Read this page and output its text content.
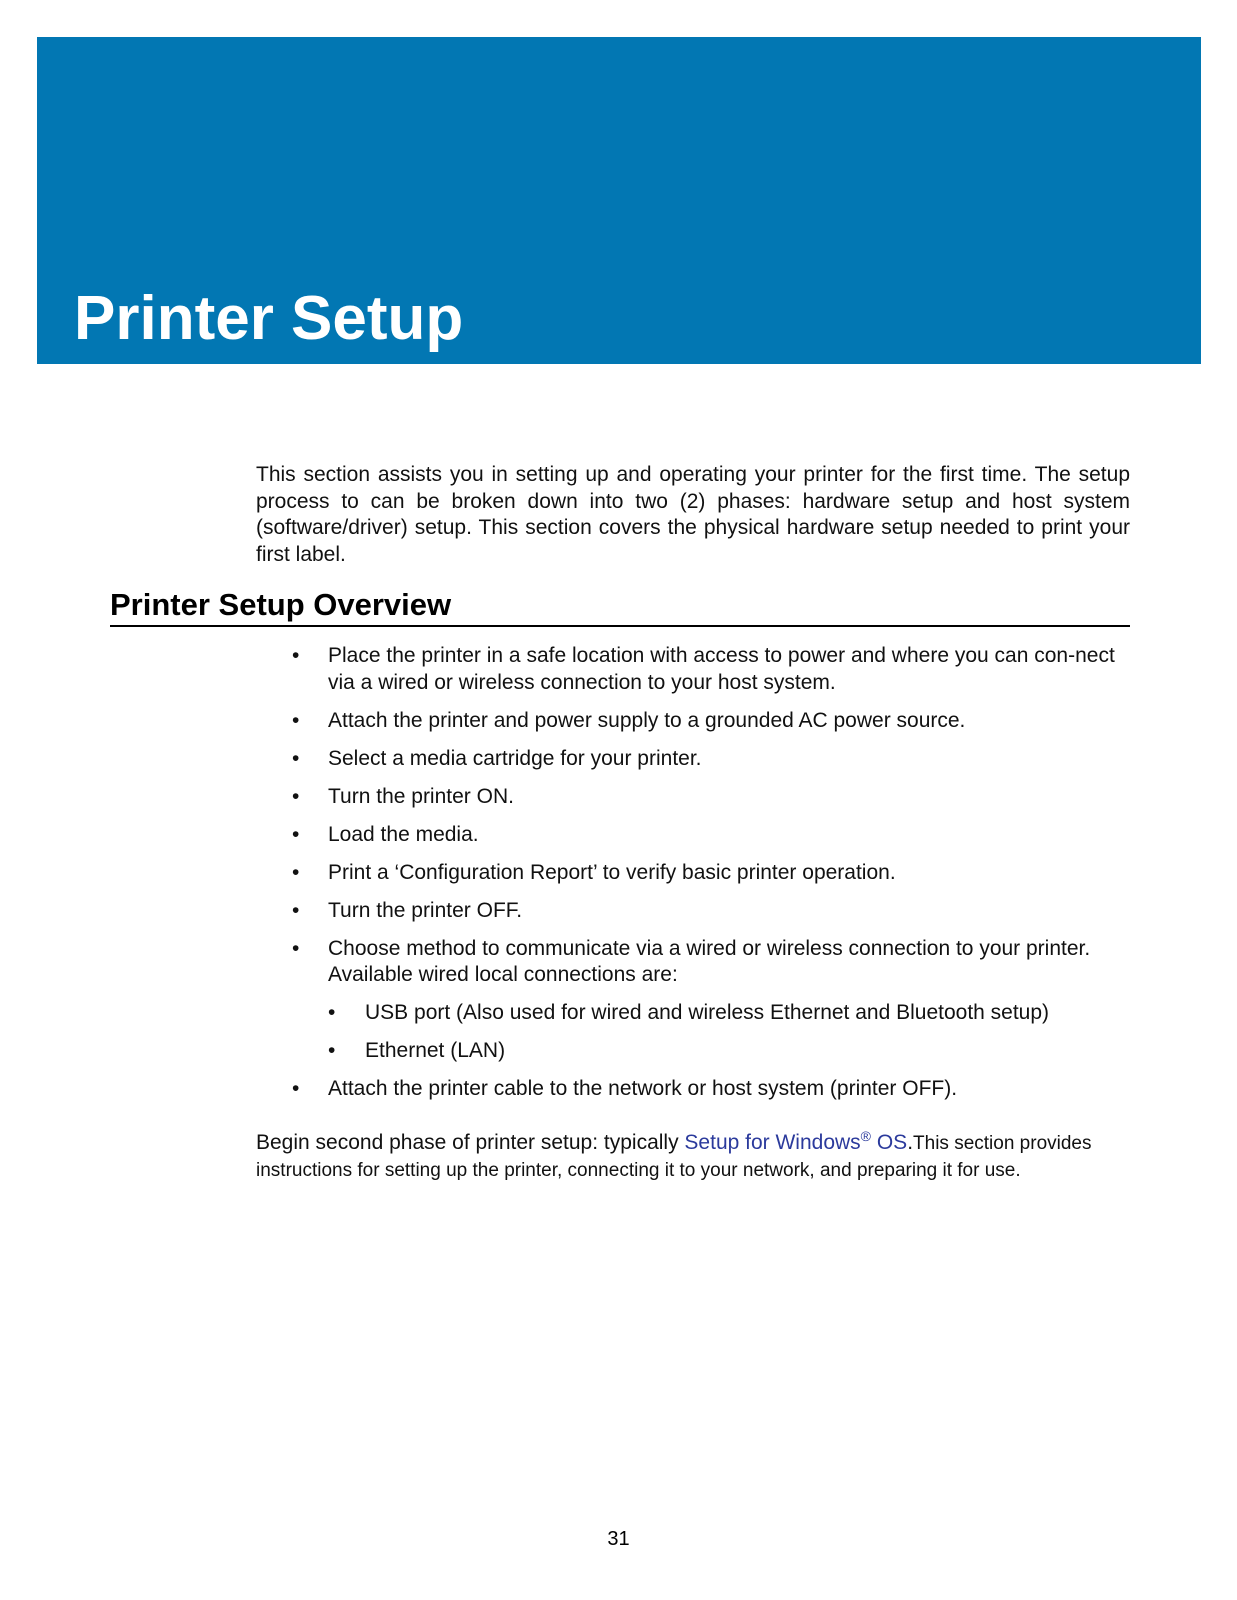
Printer Setup

This section assists you in setting up and operating your printer for the first time. The setup process to can be broken down into two (2) phases: hardware setup and host system (software/driver) setup. This section covers the physical hardware setup needed to print your first label.

Printer Setup Overview
• Place the printer in a safe location with access to power and where you can con-nect via a wired or wireless connection to your host system.
• Attach the printer and power supply to a grounded AC power source.
• Select a media cartridge for your printer.
• Turn the printer ON.
• Load the media.
• Print a ‘Configuration Report’ to verify basic printer operation.
• Turn the printer OFF.
• Choose method to communicate via a wired or wireless connection to your printer. Available wired local connections are:
• USB port (Also used for wired and wireless Ethernet and Bluetooth setup)
• Ethernet (LAN)
• Attach the printer cable to the network or host system (printer OFF).

Begin second phase of printer setup: typically Setup for Windows® OS.This section provides instructions for setting up the printer, connecting it to your network, and preparing it for use.

31
